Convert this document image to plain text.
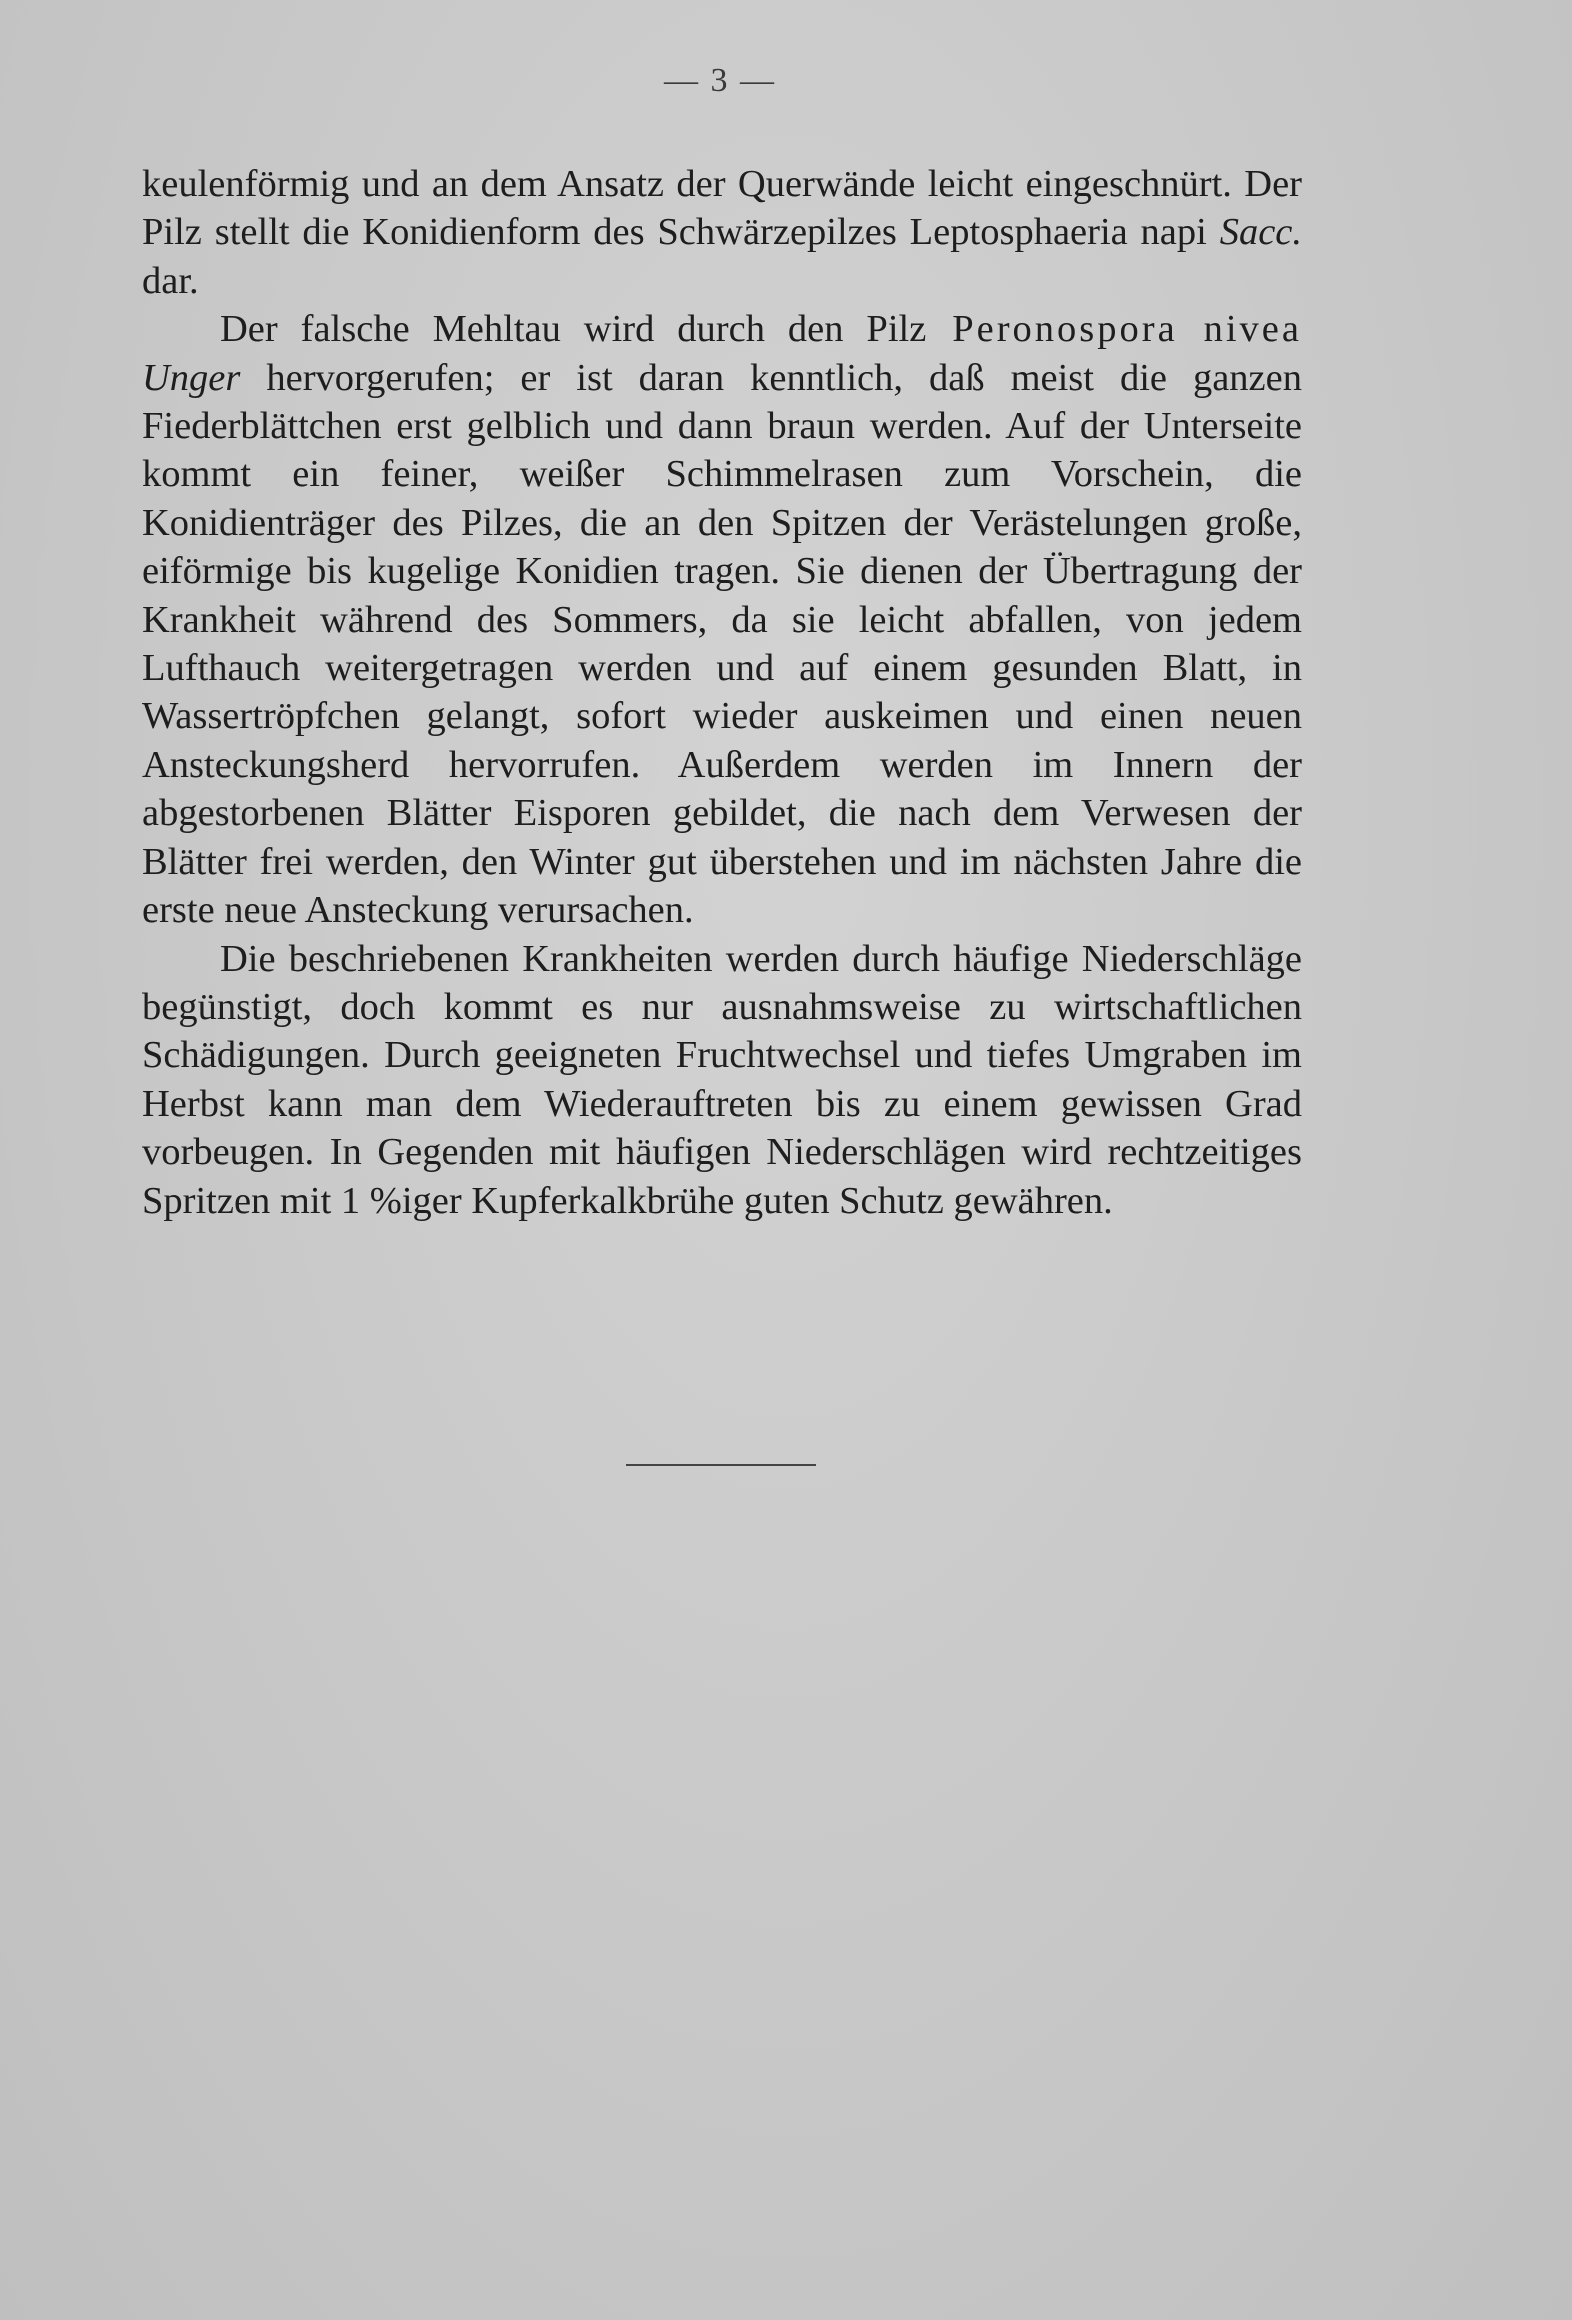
— 3 —

keulenförmig und an dem Ansatz der Querwände leicht eingeschnürt. Der Pilz stellt die Konidienform des Schwärzepilzes Leptosphaeria napi Sacc. dar.

Der falsche Mehltau wird durch den Pilz Peronospora nivea Unger hervorgerufen; er ist daran kenntlich, daß meist die ganzen Fiederblättchen erst gelblich und dann braun werden. Auf der Unterseite kommt ein feiner, weißer Schimmelrasen zum Vorschein, die Konidienträger des Pilzes, die an den Spitzen der Verästelungen große, eiförmige bis kugelige Konidien tragen. Sie dienen der Übertragung der Krankheit während des Sommers, da sie leicht abfallen, von jedem Lufthauch weitergetragen werden und auf einem gesunden Blatt, in Wassertröpfchen gelangt, sofort wieder auskeimen und einen neuen Ansteckungsherd hervorrufen. Außerdem werden im Innern der abgestorbenen Blätter Eisporen gebildet, die nach dem Verwesen der Blätter frei werden, den Winter gut überstehen und im nächsten Jahre die erste neue Ansteckung verursachen.

Die beschriebenen Krankheiten werden durch häufige Niederschläge begünstigt, doch kommt es nur ausnahmsweise zu wirtschaftlichen Schädigungen. Durch geeigneten Fruchtwechsel und tiefes Umgraben im Herbst kann man dem Wiederauftreten bis zu einem gewissen Grad vorbeugen. In Gegenden mit häufigen Niederschlägen wird rechtzeitiges Spritzen mit 1 %iger Kupferkalkbrühe guten Schutz gewähren.
